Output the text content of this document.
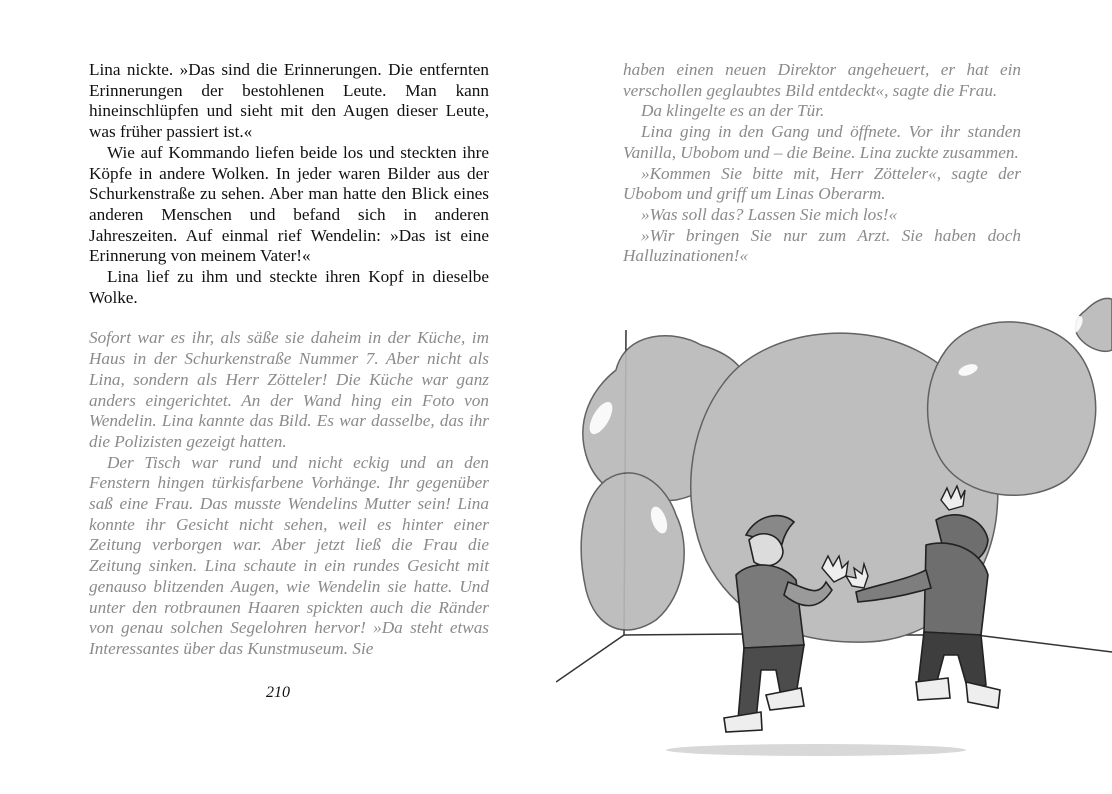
Lina nickte. »Das sind die Erinnerungen. Die entfernten Erinnerungen der bestohlenen Leute. Man kann hineinschlüpfen und sieht mit den Augen dieser Leute, was früher passiert ist.«

Wie auf Kommando liefen beide los und steckten ihre Köpfe in andere Wolken. In jeder waren Bilder aus der Schurkenstraße zu sehen. Aber man hatte den Blick eines anderen Menschen und befand sich in anderen Jahreszeiten. Auf einmal rief Wendelin: »Das ist eine Erinnerung von meinem Vater!«

Lina lief zu ihm und steckte ihren Kopf in dieselbe Wolke.

Sofort war es ihr, als säße sie daheim in der Küche, im Haus in der Schurkenstraße Nummer 7. Aber nicht als Lina, sondern als Herr Zötteler! Die Küche war ganz anders eingerichtet. An der Wand hing ein Foto von Wendelin. Lina kannte das Bild. Es war dasselbe, das ihr die Polizisten gezeigt hatten.

Der Tisch war rund und nicht eckig und an den Fenstern hingen türkisfarbene Vorhänge. Ihr gegenüber saß eine Frau. Das musste Wendelins Mutter sein! Lina konnte ihr Gesicht nicht sehen, weil es hinter einer Zeitung verborgen war. Aber jetzt ließ die Frau die Zeitung sinken. Lina schaute in ein rundes Gesicht mit genauso blitzenden Augen, wie Wendelin sie hatte. Und unter den rotbraunen Haaren spickten auch die Ränder von genau solchen Segelohren hervor! »Da steht etwas Interessantes über das Kunstmuseum. Sie

210

haben einen neuen Direktor angeheuert, er hat ein verschollen geglaubtes Bild entdeckt«, sagte die Frau.

Da klingelte es an der Tür.

Lina ging in den Gang und öffnete. Vor ihr standen Vanilla, Ubobom und – die Beine. Lina zuckte zusammen.

»Kommen Sie bitte mit, Herr Zötteler«, sagte der Ubobom und griff um Linas Oberarm.

»Was soll das? Lassen Sie mich los!«

»Wir bringen Sie nur zum Arzt. Sie haben doch Halluzinationen!«
